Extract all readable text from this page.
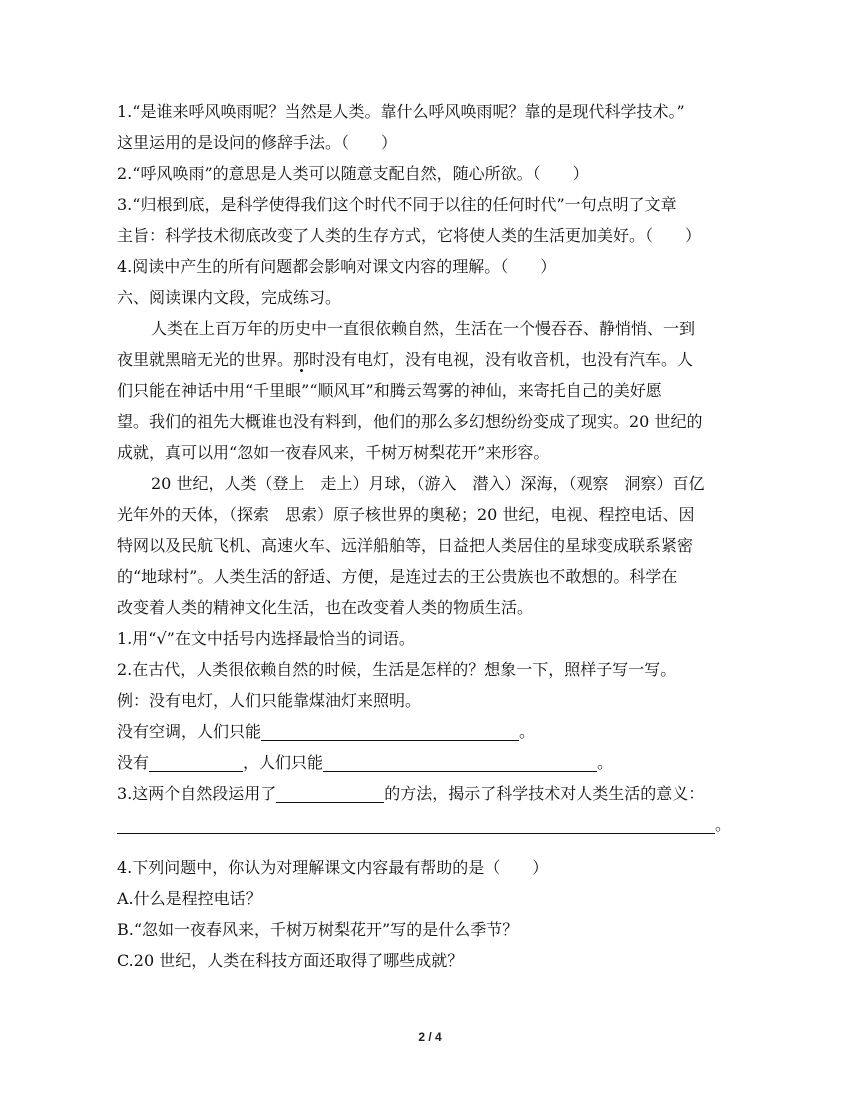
1.“是谁来呼风唤雨呢？当然是人类。靠什么呼风唤雨呢？靠的是现代科学技术。”
这里运用的是设问的修辞手法。（　　）
2.“呼风唤雨”的意思是人类可以随意支配自然，随心所欲。（　　）
3.“归根到底，是科学使得我们这个时代不同于以往的任何时代”一句点明了文章
主旨：科学技术彻底改变了人类的生存方式，它将使人类的生活更加美好。（　　）
4.阅读中产生的所有问题都会影响对课文内容的理解。（　　）
六、阅读课内文段，完成练习。
人类在上百万年的历史中一直很依赖自然，生活在一个慢吞吞、静悄悄、一到
夜里就黑暗无光的世界。那时没有电灯，没有电视，没有收音机，也没有汽车。人
们只能在神话中用“千里眼”“顺风耳”和腾云驾雾的神仙，来寄托自己的美好愿
望。我们的祖先大概谁也没有料到，他们的那么多幻想纷纷变成了现实。20 世纪的
成就，真可以用“忽如一夜春风来，千树万树梨花开”来形容。
20 世纪，人类（登上　走上）月球，（游入　潜入）深海，（观察　洞察）百亿
光年外的天体，（探索　思索）原子核世界的奥秘；20 世纪，电视、程控电话、因
特网以及民航飞机、高速火车、远洋船舶等，日益把人类居住的星球变成联系紧密
的“地球村”。人类生活的舒适、方便，是连过去的王公贵族也不敢想的。科学在
改变着人类的精神文化生活，也在改变着人类的物质生活。
1.用“√”在文中括号内选择最恰当的词语。
2.在古代，人类很依赖自然的时候，生活是怎样的？想象一下，照样子写一写。
例：没有电灯，人们只能靠煤油灯来照明。
没有空调，人们只能	。
没有	，人们只能	。
3.这两个自然段运用了	的方法，揭示了科学技术对人类生活的意义：
。
4.下列问题中，你认为对理解课文内容最有帮助的是（　　）
A.什么是程控电话？
B.“忽如一夜春风来，千树万树梨花开”写的是什么季节？
C.20 世纪，人类在科技方面还取得了哪些成就？
2 / 4
